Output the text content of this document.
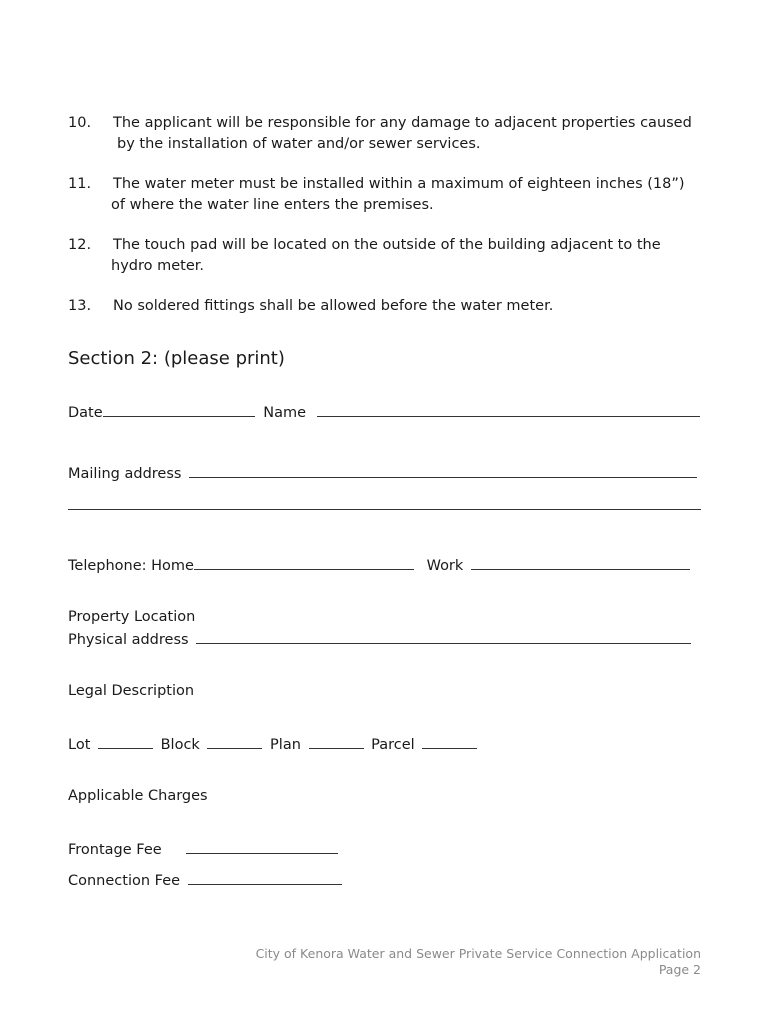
10. The applicant will be responsible for any damage to adjacent properties caused
by the installation of water and/or sewer services.
11. The water meter must be installed within a maximum of eighteen inches (18”)
of where the water line enters the premises.
12. The touch pad will be located on the outside of the building adjacent to the
hydro meter.
13. No soldered fittings shall be allowed before the water meter.
Section 2: (please print)
Date	Name
Mailing address
Telephone: Home	Work
Property Location
Physical address
Legal Description
Lot	Block	Plan	Parcel
Applicable Charges
Frontage Fee
Connection Fee
City of Kenora Water and Sewer Private Service Connection Application
Page 2
